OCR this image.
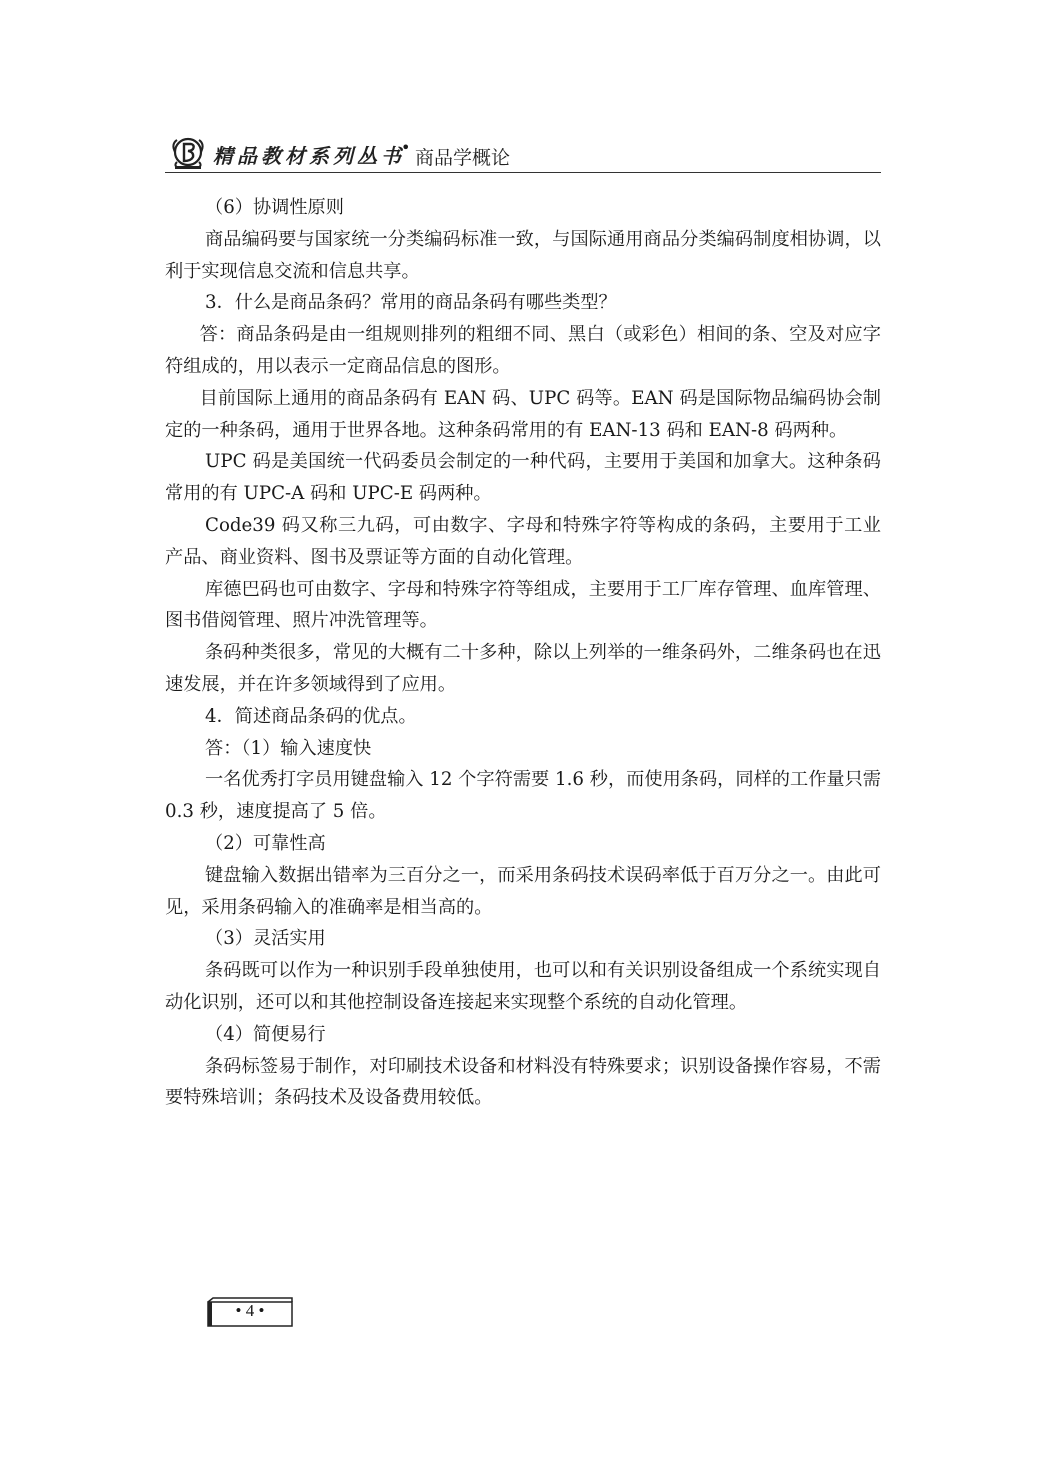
精品教材系列丛书
• 商品学概论

（6）协调性原则

商品编码要与国家统一分类编码标准一致，与国际通用商品分类编码制度相协调，以利于实现信息交流和信息共享。

3．什么是商品条码？常用的商品条码有哪些类型？

答：商品条码是由一组规则排列的粗细不同、黑白（或彩色）相间的条、空及对应字符组成的，用以表示一定商品信息的图形。

目前国际上通用的商品条码有 EAN 码、UPC 码等。EAN 码是国际物品编码协会制定的一种条码，通用于世界各地。这种条码常用的有 EAN-13 码和 EAN-8 码两种。

UPC 码是美国统一代码委员会制定的一种代码，主要用于美国和加拿大。这种条码常用的有 UPC-A 码和 UPC-E 码两种。

Code39 码又称三九码，可由数字、字母和特殊字符等构成的条码，主要用于工业产品、商业资料、图书及票证等方面的自动化管理。

库德巴码也可由数字、字母和特殊字符等组成，主要用于工厂库存管理、血库管理、图书借阅管理、照片冲洗管理等。

条码种类很多，常见的大概有二十多种，除以上列举的一维条码外，二维条码也在迅速发展，并在许多领域得到了应用。

4．简述商品条码的优点。

答：（1）输入速度快

一名优秀打字员用键盘输入 12 个字符需要 1.6 秒，而使用条码，同样的工作量只需 0.3 秒，速度提高了 5 倍。

（2）可靠性高

键盘输入数据出错率为三百分之一，而采用条码技术误码率低于百万分之一。由此可见，采用条码输入的准确率是相当高的。

（3）灵活实用

条码既可以作为一种识别手段单独使用，也可以和有关识别设备组成一个系统实现自动化识别，还可以和其他控制设备连接起来实现整个系统的自动化管理。

（4）简便易行

条码标签易于制作，对印刷技术设备和材料没有特殊要求；识别设备操作容易，不需要特殊培训；条码技术及设备费用较低。

• 4 •
